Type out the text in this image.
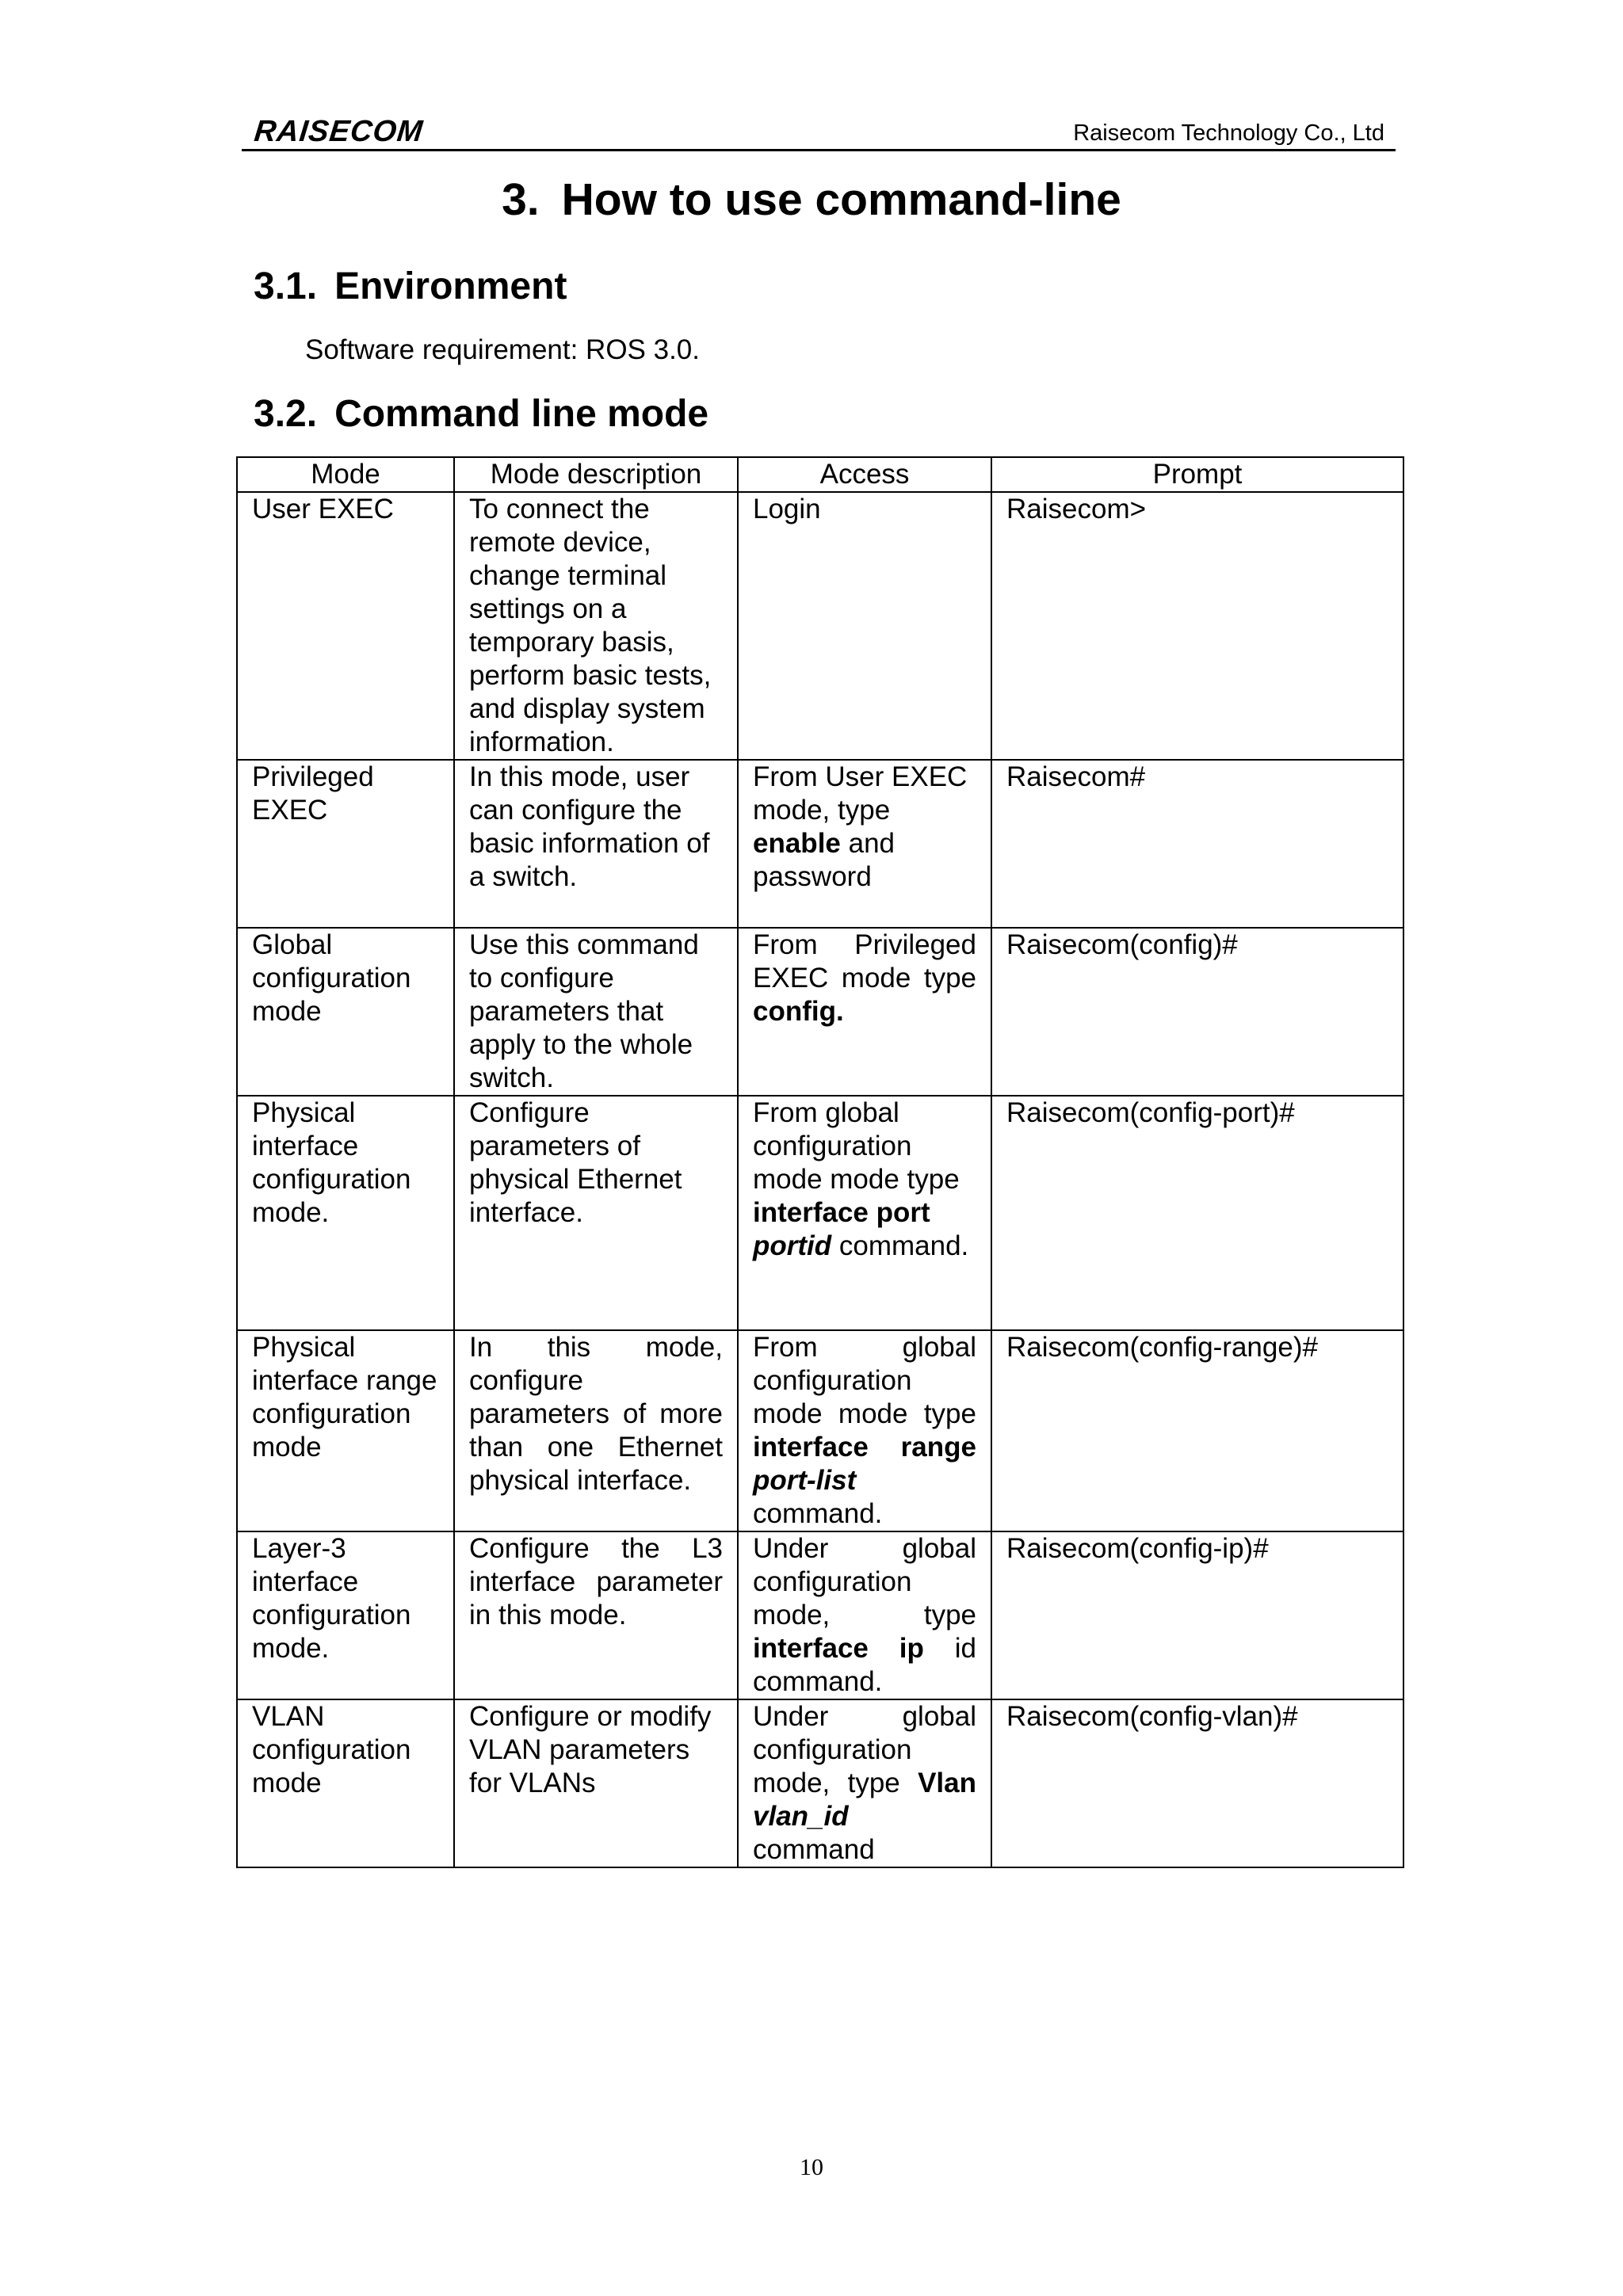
RAISECOM	Raisecom Technology Co., Ltd
3. How to use command-line
3.1. Environment

Software requirement: ROS 3.0.

3.2. Command line mode
Mode	Mode description	Access	Prompt
User EXEC	To connect the remote device, change terminal settings on a temporary basis, perform basic tests, and display system information.	Login	Raisecom>
Privileged EXEC	In this mode, user can configure the basic information of a switch.	From User EXEC mode, type enable and password	Raisecom#
Global configuration mode	Use this command to configure parameters that apply to the whole switch.	From Privileged EXEC mode type config.	Raisecom(config)#
Physical interface configuration mode.	Configure parameters of physical Ethernet interface.	From global configuration mode mode type interface port portid command.	Raisecom(config-port)#
Physical interface range configuration mode	In this mode, configure parameters of more than one Ethernet physical interface.	From global configuration mode mode type interface range port-list command.	Raisecom(config-range)#
Layer-3 interface configuration mode.	Configure the L3 interface parameter in this mode.	Under global configuration mode, type interface ip id command.	Raisecom(config-ip)#
VLAN configuration mode	Configure or modify VLAN parameters for VLANs	Under global configuration mode, type Vlan vlan_id command	Raisecom(config-vlan)#
10
